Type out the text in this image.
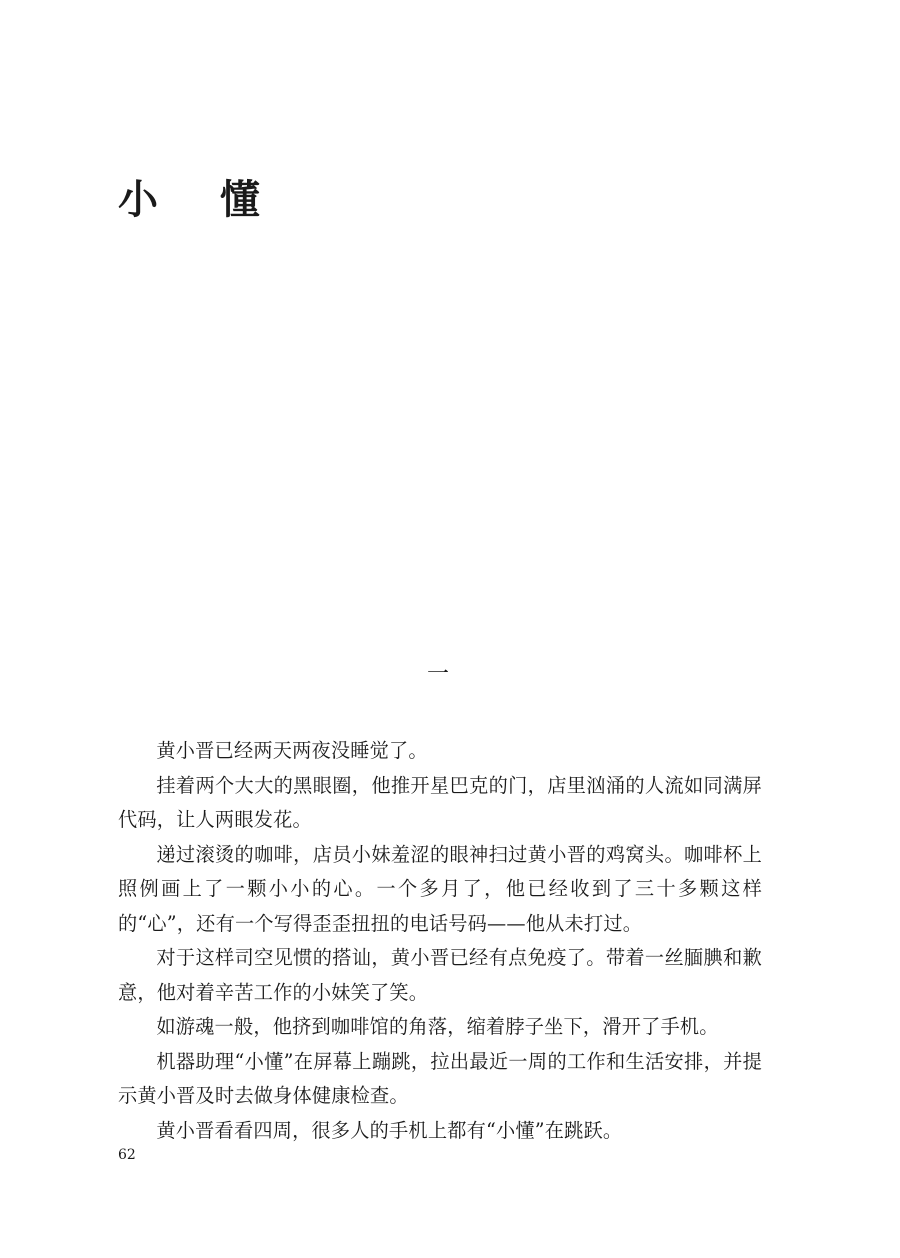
小 懂
一

黄小晋已经两天两夜没睡觉了。

挂着两个大大的黑眼圈，他推开星巴克的门，店里汹涌的人流如同满屏代码，让人两眼发花。

递过滚烫的咖啡，店员小妹羞涩的眼神扫过黄小晋的鸡窝头。咖啡杯上照例画上了一颗小小的心。一个多月了，他已经收到了三十多颗这样的“心”，还有一个写得歪歪扭扭的电话号码——他从未打过。

对于这样司空见惯的搭讪，黄小晋已经有点免疫了。带着一丝腼腆和歉意，他对着辛苦工作的小妹笑了笑。

如游魂一般，他挤到咖啡馆的角落，缩着脖子坐下，滑开了手机。

机器助理“小懂”在屏幕上蹦跳，拉出最近一周的工作和生活安排，并提示黄小晋及时去做身体健康检查。

黄小晋看看四周，很多人的手机上都有“小懂”在跳跃。

62
